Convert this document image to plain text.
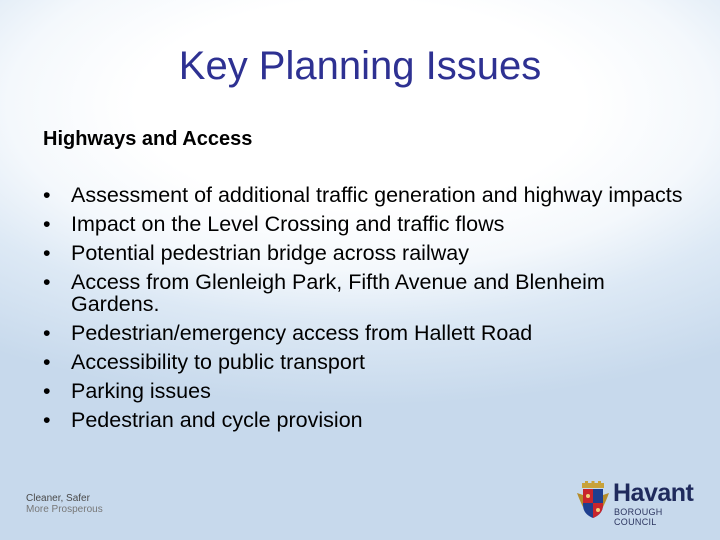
Key Planning Issues
Highways and Access
• Assessment of additional traffic generation and highway impacts
• Impact on the Level Crossing and traffic flows
• Potential pedestrian bridge across railway
• Access from Glenleigh Park, Fifth Avenue and Blenheim Gardens.
• Pedestrian/emergency access from Hallett Road
• Accessibility to public transport
• Parking issues
• Pedestrian and cycle provision
Cleaner, Safer
More Prosperous
Havant
BOROUGH COUNCIL
